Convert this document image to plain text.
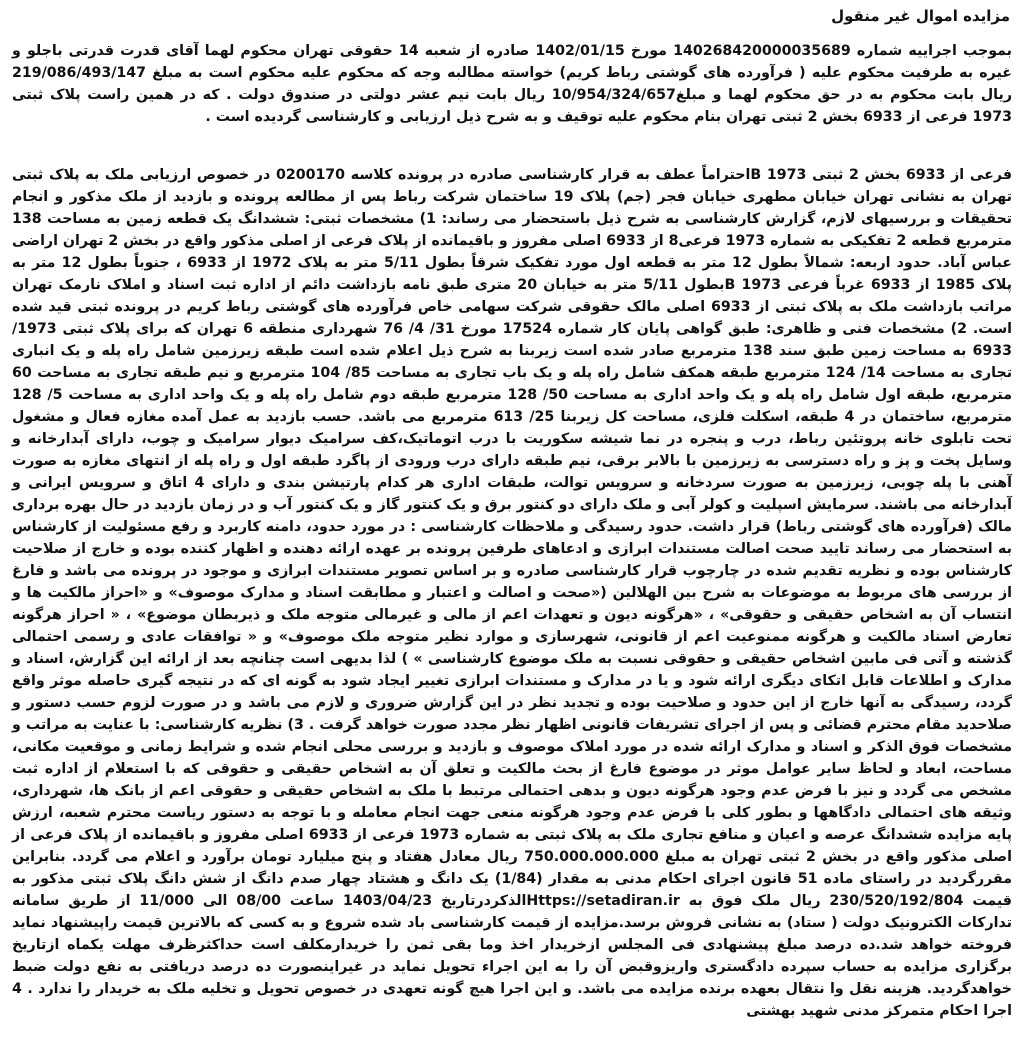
مزایده اموال غیر منقول

بموجب اجراییه شماره 140268420000035689 مورخ 1402/01/15 صادره از شعبه 14 حقوقی تهران محکوم لهما آقای قدرت قدرتی باجلو و غیره به طرفیت محکوم علیه ( فرآورده های گوشتی رباط کریم) خواسته مطالبه وجه که محکوم علیه محکوم است به مبلغ 219/086/493/147 ریال بابت محکوم به در حق محکوم لهما و مبلغ10/954/324/657 ریال بابت نیم عشر دولتی در صندوق دولت . که در همین راست پلاک ثبتی 1973 فرعی از 6933 بخش 2 ثبتی تهران بنام محکوم علیه توقیف و به شرح ذیل ارزیابی و کارشناسی گردیده است .

فرعی از 6933 بخش 2 ثبتی 1973 Bاحتراماً عطف به قرار کارشناسی صادره در پرونده کلاسه 0200170 در خصوص ارزیابی ملک به پلاک ثبتی تهران به نشانی تهران خیابان مطهری خیابان فجر (جم) پلاک 19 ساختمان شرکت رباط پس از مطالعه پرونده و بازدید از ملک مذکور و انجام تحقیقات و بررسیهای لازم، گزارش کارشناسی به شرح ذیل باستحضار می رساند: 1) مشخصات ثبتی: ششدانگ یک قطعه زمین به مساحت 138 مترمربع قطعه 2 تفکیکی به شماره 1973 فرعی8 از 6933 اصلی مفروز و باقیمانده از پلاک فرعی از اصلی مذکور واقع در بخش 2 تهران اراضی عباس آباد. حدود اربعه: شمالاً بطول 12 متر به قطعه اول مورد تفکیک شرقاً بطول 5/11 متر به پلاک 1972 از 6933 ، جنوباً بطول 12 متر به پلاک 1985 از 6933 غرباً فرعی 1973 Bبطول 5/11 متر به خیابان 20 متری طبق نامه بازداشت دائم از اداره ثبت اسناد و املاک نارمک تهران مراتب بازداشت ملک به پلاک ثبتی از 6933 اصلی مالک حقوقی شرکت سهامی خاص فرآورده های گوشتی رباط کریم در پرونده ثبتی قید شده است. 2) مشخصات فنی و ظاهری: طبق گواهی پایان کار شماره 17524 مورخ 31/ 4/ 76 شهرداری منطقه 6 تهران که برای پلاک ثبتی 1973/ 6933 به مساحت زمین طبق سند 138 مترمربع صادر شده است زیربنا به شرح ذیل اعلام شده است طبقه زیرزمین شامل راه پله و یک انباری تجاری به مساحت 14/ 124 مترمربع طبقه همکف شامل راه پله و یک باب تجاری به مساحت 85/ 104 مترمربع و نیم طبقه تجاری به مساحت 60 مترمربع، طبقه اول شامل راه پله و یک واحد اداری به مساحت 50/ 128 مترمربع طبقه دوم شامل راه پله و یک واحد اداری به مساحت 5/ 128 مترمربع، ساختمان در 4 طبقه، اسکلت فلزی، مساحت کل زیربنا 25/ 613 مترمربع می باشد. حسب بازدید به عمل آمده مغازه فعال و مشغول تحت تابلوی خانه پروتئین رباط، درب و پنجره در نما شیشه سکوریت با درب اتوماتیک،کف سرامیک دیوار سرامیک و چوب، دارای آبدارخانه و وسایل پخت و پز و راه دسترسی به زیرزمین با بالابر برقی، نیم طبقه دارای درب ورودی از پاگرد طبقه اول و راه پله از انتهای مغازه به صورت آهنی با پله چوبی، زیرزمین به صورت سردخانه و سرویس توالت، طبقات اداری هر کدام پارتیشن بندی و دارای 4 اتاق و سرویس ایرانی و آبدارخانه می باشند. سرمایش اسپلیت و کولر آبی و ملک دارای دو کنتور برق و یک کنتور گاز و یک کنتور آب و در زمان بازدید در حال بهره برداری مالک (فرآورده های گوشتی رباط) قرار داشت. حدود رسیدگی و ملاحظات کارشناسی : در مورد حدود، دامنه کاربرد و رفع مسئولیت از کارشناس به استحضار می رساند تایید صحت اصالت مستندات ابرازی و ادعاهای طرفین پرونده بر عهده ارائه دهنده و اظهار کننده بوده و خارج از صلاحیت کارشناس بوده و نظریه تقدیم شده در چارچوب قرار کارشناسی صادره و بر اساس تصویر مستندات ابرازی و موجود در پرونده می باشد و فارغ از بررسی های مربوط به موضوعات به شرح بین الهلالین («صحت و اصالت و اعتبار و مطابقت اسناد و مدارک موصوف» و «احراز مالکیت ها و انتساب آن به اشخاص حقیقی و حقوقی» ، «هرگونه دیون و تعهدات اعم از مالی و غیرمالی متوجه ملک و ذیربطان موضوع» ، « احراز هرگونه تعارض اسناد مالکیت و هرگونه ممنوعیت اعم از قانونی، شهرسازی و موارد نظیر متوجه ملک موصوف» و « توافقات عادی و رسمی احتمالی گذشته و آتی فی مابین اشخاص حقیقی و حقوقی نسبت به ملک موضوع کارشناسی » ) لذا بدیهی است چنانچه بعد از ارائه این گزارش، اسناد و مدارک و اطلاعات قابل اتکای دیگری ارائه شود و یا در مدارک و مستندات ابرازی تغییر ایجاد شود به گونه ای که در نتیجه گیری حاصله موثر واقع گردد، رسیدگی به آنها خارج از این حدود و صلاحیت بوده و تجدید نظر در این گزارش ضروری و لازم می باشد و در صورت لزوم حسب دستور و صلاحدید مقام محترم قضائی و پس از اجرای تشریفات قانونی اظهار نظر مجدد صورت خواهد گرفت . 3) نظریه کارشناسی: با عنایت به مراتب و مشخصات فوق الذکر و اسناد و مدارک ارائه شده در مورد املاک موصوف و بازدید و بررسی محلی انجام شده و شرایط زمانی و موقعیت مکانی، مساحت، ابعاد و لحاظ سایر عوامل موثر در موضوع فارغ از بحث مالکیت و تعلق آن به اشخاص حقیقی و حقوقی که با استعلام از اداره ثبت مشخص می گردد و نیز با فرض عدم وجود هرگونه دیون و بدهی احتمالی مرتبط با ملک به اشخاص حقیقی و حقوقی اعم از بانک ها، شهرداری، وثیقه های احتمالی دادگاهها و بطور کلی با فرض عدم وجود هرگونه منعی جهت انجام معامله و با توجه به دستور ریاست محترم شعبه، ارزش پایه مزایده ششدانگ عرصه و اعیان و منافع تجاری ملک به پلاک ثبتی به شماره 1973 فرعی از 6933 اصلی مفروز و باقیمانده از پلاک فرعی از اصلی مذکور واقع در بخش 2 ثبتی تهران به مبلغ 750.000.000.000 ریال معادل هفتاد و پنج میلیارد تومان برآورد و اعلام می گردد. بنابراین مقررگردید در راستای ماده 51 قانون اجرای احکام مدنی به مقدار (1/84) یک دانگ و هشتاد چهار صدم دانگ از شش دانگ پلاک ثبتی مذکور به قیمت 230/520/192/804 ریال ملک فوق به Https://setadiran.irالذکردرتاریخ 1403/04/23 ساعت 08/00 الی 11/000 از طریق سامانه تدارکات الکترونیک دولت ( ستاد) به نشانی فروش برسد.مزایده از قیمت کارشناسی باد شده شروع و به کسی که بالاترین قیمت راپیشنهاد نماید فروخته خواهد شد.ده درصد مبلغ پیشنهادی فی المجلس ازخریدار اخذ وما بقی ثمن را خریدارمکلف است حداکثرظرف مهلت یکماه ازتاریخ برگزاری مزایده به حساب سپرده دادگستری واریزوقبض آن را به این اجراء تحویل نماید در غیراینصورت ده درصد دریافتی به نفع دولت ضبط خواهدگردید. هزینه نقل وا نتقال بعهده برنده مزایده می باشد. و این اجرا هیچ گونه تعهدی در خصوص تحویل و تخلیه ملک به خریدار را ندارد . 4 اجرا احکام متمرکز مدنی شهید بهشتی
